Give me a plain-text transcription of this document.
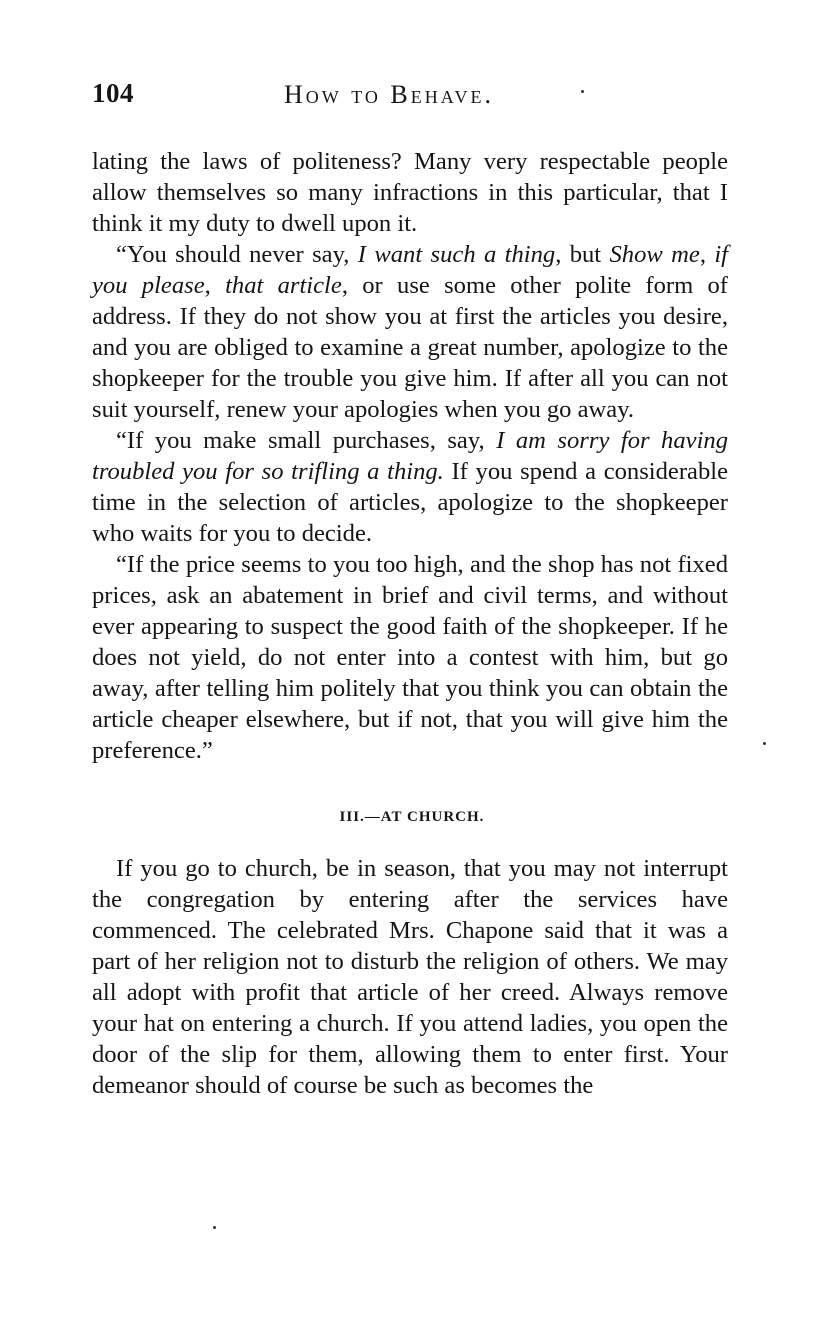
104	How to Behave.

lating the laws of politeness? Many very respectable people allow themselves so many infractions in this particular, that I think it my duty to dwell upon it.

“You should never say, I want such a thing, but Show me, if you please, that article, or use some other polite form of address. If they do not show you at first the articles you desire, and you are obliged to examine a great number, apologize to the shopkeeper for the trouble you give him. If after all you can not suit yourself, renew your apologies when you go away.

“If you make small purchases, say, I am sorry for having troubled you for so trifling a thing. If you spend a considerable time in the selection of articles, apologize to the shopkeeper who waits for you to decide.

“If the price seems to you too high, and the shop has not fixed prices, ask an abatement in brief and civil terms, and without ever appearing to suspect the good faith of the shopkeeper. If he does not yield, do not enter into a contest with him, but go away, after telling him politely that you think you can obtain the article cheaper elsewhere, but if not, that you will give him the preference.”

III.—AT CHURCH.

If you go to church, be in season, that you may not interrupt the congregation by entering after the services have commenced. The celebrated Mrs. Chapone said that it was a part of her religion not to disturb the religion of others. We may all adopt with profit that article of her creed. Always remove your hat on entering a church. If you attend ladies, you open the door of the slip for them, allowing them to enter first. Your demeanor should of course be such as becomes the
